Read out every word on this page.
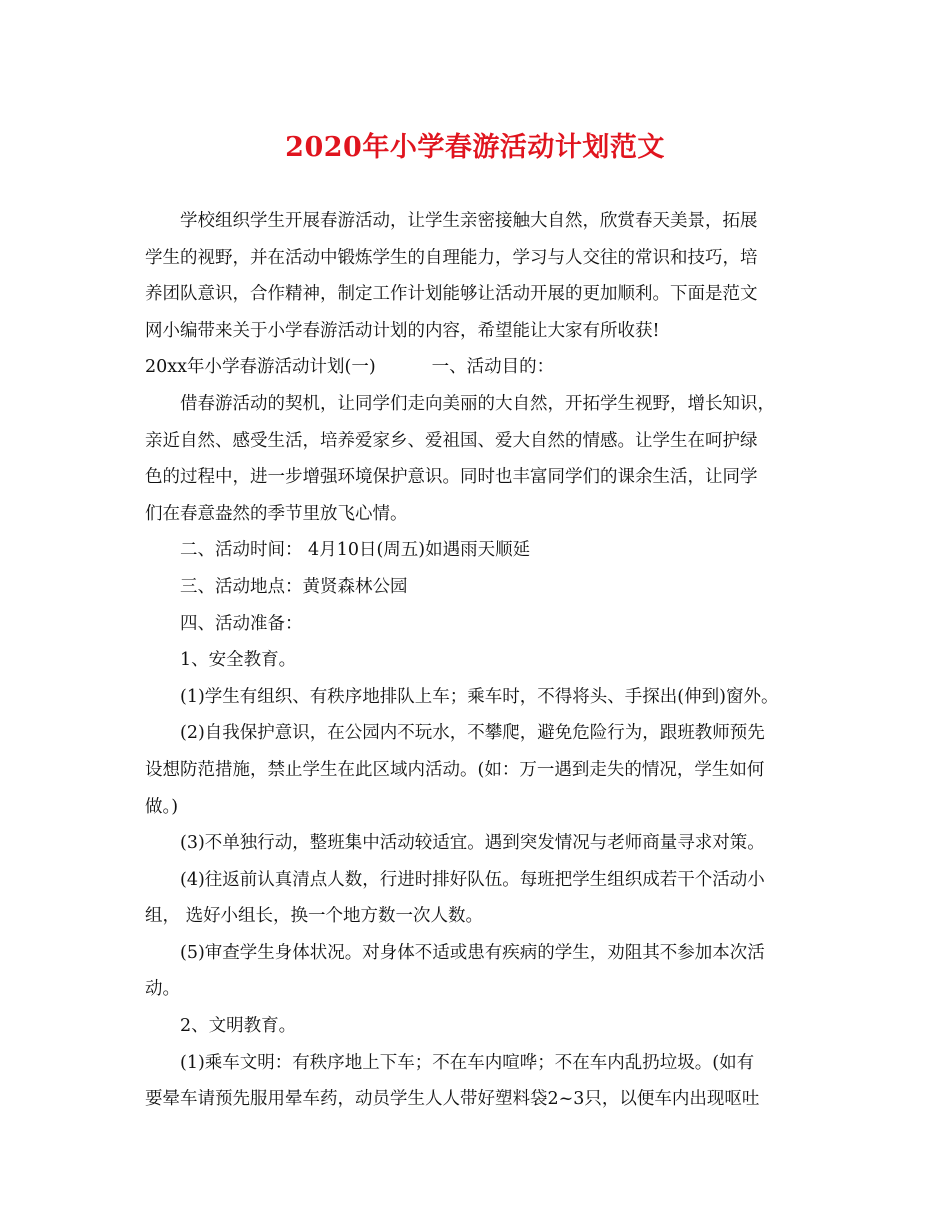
2020年小学春游活动计划范文
学校组织学生开展春游活动，让学生亲密接触大自然，欣赏春天美景，拓展
学生的视野，并在活动中锻炼学生的自理能力，学习与人交往的常识和技巧，培
养团队意识，合作精神，制定工作计划能够让活动开展的更加顺利。下面是范文
网小编带来关于小学春游活动计划的内容，希望能让大家有所收获!
20xx年小学春游活动计划(一)	一、活动目的：
借春游活动的契机，让同学们走向美丽的大自然，开拓学生视野，增长知识，
亲近自然、感受生活，培养爱家乡、爱祖国、爱大自然的情感。让学生在呵护绿
色的过程中，进一步增强环境保护意识。同时也丰富同学们的课余生活，让同学
们在春意盎然的季节里放飞心情。
二、活动时间： 4月10日(周五)如遇雨天顺延
三、活动地点：黄贤森林公园
四、活动准备：
1、安全教育。
(1)学生有组织、有秩序地排队上车；乘车时，不得将头、手探出(伸到)窗外。
(2)自我保护意识，在公园内不玩水，不攀爬，避免危险行为，跟班教师预先
设想防范措施，禁止学生在此区域内活动。(如：万一遇到走失的情况，学生如何
做。)
(3)不单独行动，整班集中活动较适宜。遇到突发情况与老师商量寻求对策。
(4)往返前认真清点人数，行进时排好队伍。每班把学生组织成若干个活动小
组， 选好小组长，换一个地方数一次人数。
(5)审查学生身体状况。对身体不适或患有疾病的学生，劝阻其不参加本次活
动。
2、文明教育。
(1)乘车文明：有秩序地上下车；不在车内喧哗；不在车内乱扔垃圾。(如有
要晕车请预先服用晕车药，动员学生人人带好塑料袋2~3只，以便车内出现呕吐
